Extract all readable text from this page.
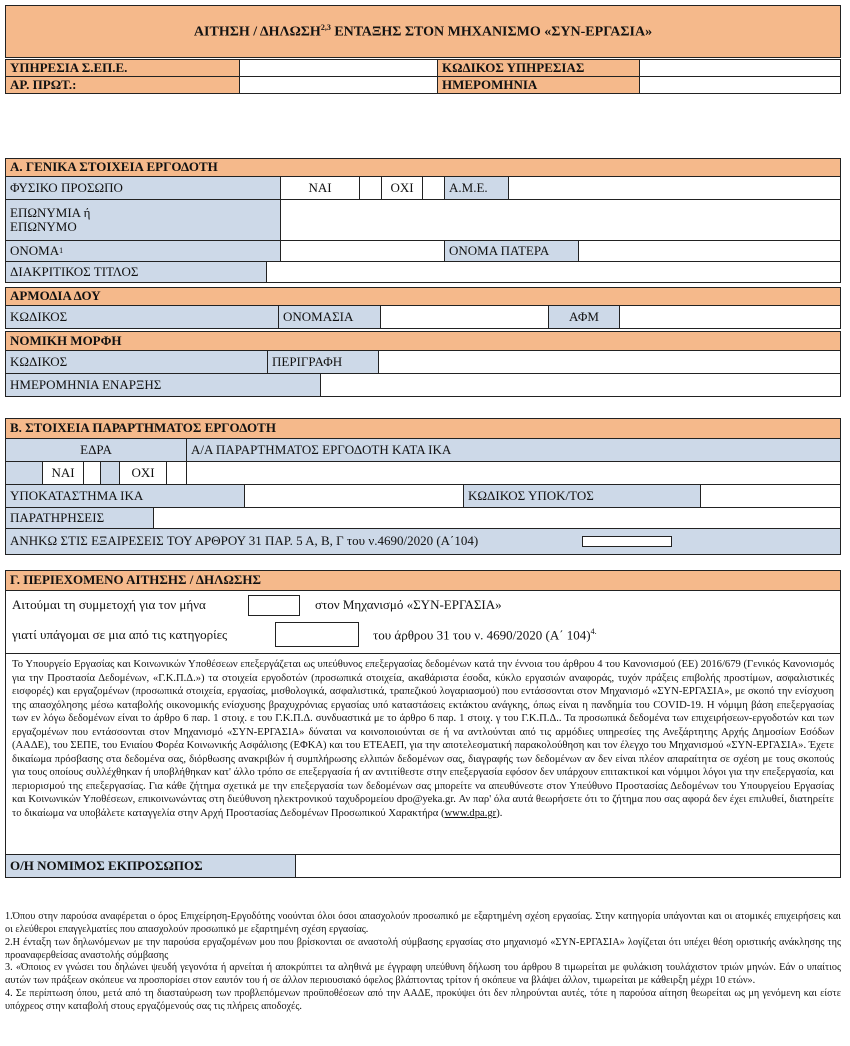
ΑΙΤΗΣΗ / ΔΗΛΩΣΗ$^{2,3}$ ΕΝΤΑΞΗΣ ΣΤΟΝ ΜΗΧΑΝΙΣΜΟ «ΣΥΝ-ΕΡΓΑΣΙΑ»
ΥΠΗΡΕΣΙΑ Σ.ΕΠ.Ε.	ΚΩΔΙΚΟΣ ΥΠΗΡΕΣΙΑΣ
ΑΡ. ΠΡΩΤ.:	ΗΜΕΡΟΜΗΝΙΑ
Α. ΓΕΝΙΚΑ ΣΤΟΙΧΕΙΑ ΕΡΓΟΔΟΤΗ
ΦΥΣΙΚΟ ΠΡΟΣΩΠΟ	ΝΑΙ	ΟΧΙ	Α.Μ.Ε.
ΕΠΩΝΥΜΙΑ ή
ΕΠΩΝΥΜΟ
ΟΝΟΜΑ 1	ΟΝΟΜΑ ΠΑΤΕΡΑ
ΔΙΑΚΡΙΤΙΚΟΣ ΤΙΤΛΟΣ
ΑΡΜΟΔΙΑ ΔΟΥ
ΚΩΔΙΚΟΣ	ΟΝΟΜΑΣΙΑ	ΑΦΜ
ΝΟΜΙΚΗ ΜΟΡΦΗ
ΚΩΔΙΚΟΣ	ΠΕΡΙΓΡΑΦΗ
ΗΜΕΡΟΜΗΝΙΑ ΕΝΑΡΞΗΣ
Β. ΣΤΟΙΧΕΙΑ ΠΑΡΑΡΤΗΜΑΤΟΣ ΕΡΓΟΔΟΤΗ
ΕΔΡΑ	Α/Α ΠΑΡΑΡΤΗΜΑΤΟΣ ΕΡΓΟΔΟΤΗ ΚΑΤΑ ΙΚΑ
ΝΑΙ	ΟΧΙ
ΥΠΟΚΑΤΑΣΤΗΜΑ ΙΚΑ	ΚΩΔΙΚΟΣ ΥΠΟΚ/ΤΟΣ
ΠΑΡΑΤΗΡΗΣΕΙΣ
ΑΝΗΚΩ ΣΤΙΣ ΕΞΑΙΡΕΣΕΙΣ ΤΟΥ ΑΡΘΡΟΥ 31 ΠΑΡ. 5 Α, Β, Γ του ν.4690/2020 (Α΄104)
Γ. ΠΕΡΙΕΧΟΜΕΝΟ ΑΙΤΗΣΗΣ / ΔΗΛΩΣΗΣ
Αιτούμαι τη συμμετοχή για τον μήνα	στον Μηχανισμό «ΣΥΝ-ΕΡΓΑΣΙΑ»
γιατί υπάγομαι σε μια από τις κατηγορίες	του άρθρου 31 του ν. 4690/2020 (Α΄ 104)$^{4.}$
Το Υπουργείο Εργασίας και Κοινωνικών Υποθέσεων επεξεργάζεται ως υπεύθυνος επεξεργασίας δεδομένων κατά την έννοια του άρθρου 4 του Κανονισμού (ΕΕ) 2016/679 (Γενικός Κανονισμός για την Προστασία Δεδομένων, «Γ.Κ.Π.Δ.») τα στοιχεία εργοδοτών (προσωπικά στοιχεία, ακαθάριστα έσοδα, κύκλο εργασιών αναφοράς, τυχόν πράξεις επιβολής προστίμων, ασφαλιστικές εισφορές) και εργαζομένων (προσωπικά στοιχεία, εργασίας, μισθολογικά, ασφαλιστικά, τραπεζικού λογαριασμού) που εντάσσονται στον Μηχανισμό «ΣΥΝ-ΕΡΓΑΣΙΑ», με σκοπό την ενίσχυση της απασχόλησης μέσω καταβολής οικονομικής ενίσχυσης βραχυχρόνιας εργασίας υπό καταστάσεις εκτάκτου ανάγκης, όπως είναι η πανδημία του COVID-19. Η νόμιμη βάση επεξεργασίας των εν λόγω δεδομένων είναι το άρθρο 6 παρ. 1 στοιχ. ε του Γ.Κ.Π.Δ. συνδυαστικά με το άρθρο 6 παρ. 1 στοιχ. γ του Γ.Κ.Π.Δ.. Τα προσωπικά δεδομένα των επιχειρήσεων-εργοδοτών και των εργαζομένων που εντάσσονται στον Μηχανισμό «ΣΥΝ-ΕΡΓΑΣΙΑ» δύναται να κοινοποιούνται σε ή να αντλούνται από τις αρμόδιες υπηρεσίες της Ανεξάρτητης Αρχής Δημοσίων Εσόδων (ΑΑΔΕ), του ΣΕΠΕ, του Ενιαίου Φορέα Κοινωνικής Ασφάλισης (ΕΦΚΑ) και του ΕΤΕΑΕΠ, για την αποτελεσματική παρακολούθηση και τον έλεγχο του Μηχανισμού «ΣΥΝ-ΕΡΓΑΣΙΑ». Έχετε δικαίωμα πρόσβασης στα δεδομένα σας, διόρθωσης ανακριβών ή συμπλήρωσης ελλιπών δεδομένων σας, διαγραφής των δεδομένων αν δεν είναι πλέον απαραίτητα σε σχέση με τους σκοπούς για τους οποίους συλλέχθηκαν ή υποβλήθηκαν κατ' άλλο τρόπο σε επεξεργασία ή αν αντιτίθεστε στην επεξεργασία εφόσον δεν υπάρχουν επιτακτικοί και νόμιμοι λόγοι για την επεξεργασία, και περιορισμού της επεξεργασίας. Για κάθε ζήτημα σχετικά με την επεξεργασία των δεδομένων σας μπορείτε να απευθύνεστε στον Υπεύθυνο Προστασίας Δεδομένων του Υπουργείου Εργασίας και Κοινωνικών Υποθέσεων, επικοινωνώντας στη διεύθυνση ηλεκτρονικού ταχυδρομείου dpo@yeka.gr. Αν παρ' όλα αυτά θεωρήσετε ότι το ζήτημα που σας αφορά δεν έχει επιλυθεί, διατηρείτε το δικαίωμα να υποβάλετε καταγγελία στην Αρχή Προστασίας Δεδομένων Προσωπικού Χαρακτήρα (www.dpa.gr).
Ο/Η ΝΟΜΙΜΟΣ ΕΚΠΡΟΣΩΠΟΣ

1.Όπου στην παρούσα αναφέρεται ο όρος Επιχείρηση-Εργοδότης νοούνται όλοι όσοι απασχολούν προσωπικό με εξαρτημένη σχέση εργασίας. Στην κατηγορία υπάγονται και οι ατομικές επιχειρήσεις και οι ελεύθεροι επαγγελματίες που απασχολούν προσωπικό με εξαρτημένη σχέση εργασίας.

2.Η ένταξη των δηλωνόμενων με την παρούσα εργαζομένων μου που βρίσκονται σε αναστολή σύμβασης εργασίας στο μηχανισμό «ΣΥΝ-ΕΡΓΑΣΙΑ» λογίζεται ότι υπέχει θέση οριστικής ανάκλησης της προαναφερθείσας αναστολής σύμβασης

3. «Όποιος εν γνώσει του δηλώνει ψευδή γεγονότα ή αρνείται ή αποκρύπτει τα αληθινά με έγγραφη υπεύθυνη δήλωση του άρθρου 8 τιμωρείται με φυλάκιση τουλάχιστον τριών μηνών. Εάν ο υπαίτιος αυτών των πράξεων σκόπευε να προσπορίσει στον εαυτόν του ή σε άλλον περιουσιακό όφελος βλάπτοντας τρίτον ή σκόπευε να βλάψει άλλον, τιμωρείται με κάθειρξη μέχρι 10 ετών».

4. Σε περίπτωση όπου, μετά από τη διασταύρωση των προβλεπόμενων προϋποθέσεων από την ΑΑΔΕ, προκύψει ότι δεν πληρούνται αυτές, τότε η παρούσα αίτηση θεωρείται ως μη γενόμενη και είστε υπόχρεος στην καταβολή στους εργαζόμενούς σας τις πλήρεις αποδοχές.
